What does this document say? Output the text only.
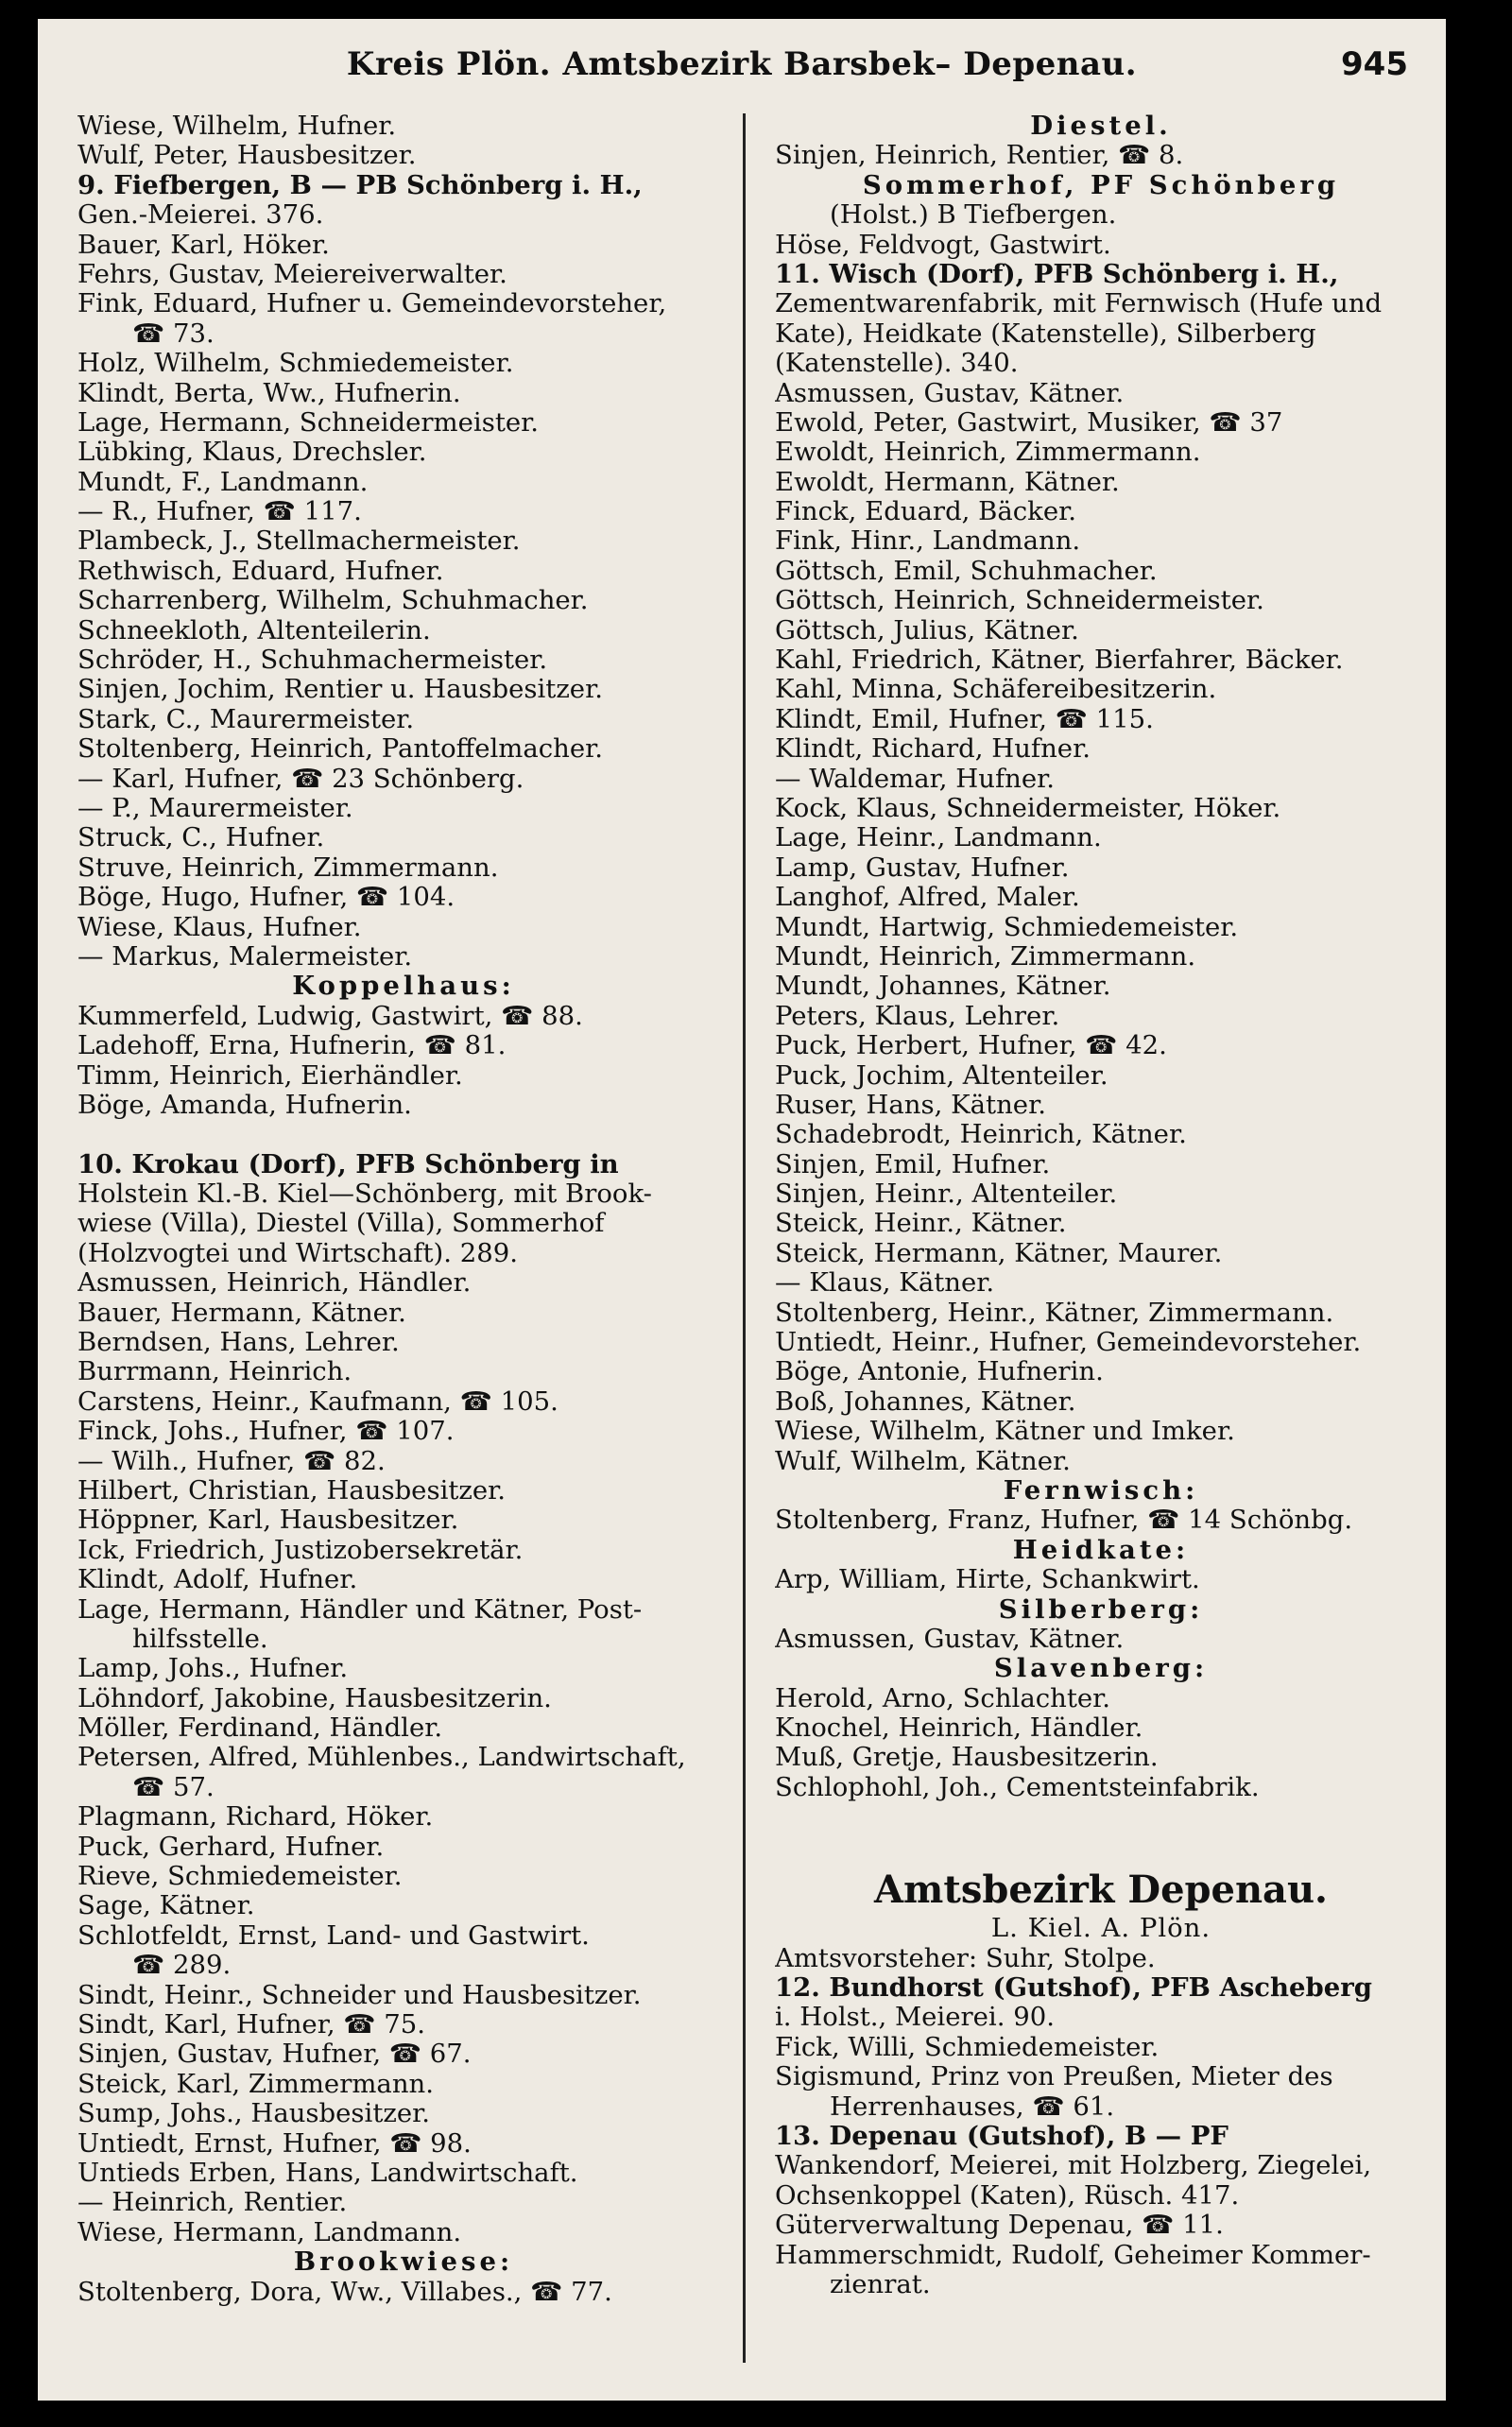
Kreis Plön. Amtsbezirk Barsbek– Depenau.	945
Wiese, Wilhelm, Hufner.
Wulf, Peter, Hausbesitzer.
9. Fiefbergen, B — PB Schönberg i. H.,
Gen.-Meierei. 376.
Bauer, Karl, Höker.
Fehrs, Gustav, Meiereiverwalter.
Fink, Eduard, Hufner u. Gemeindevorsteher,
☎ 73.
Holz, Wilhelm, Schmiedemeister.
Klindt, Berta, Ww., Hufnerin.
Lage, Hermann, Schneidermeister.
Lübking, Klaus, Drechsler.
Mundt, F., Landmann.
— R., Hufner, ☎ 117.
Plambeck, J., Stellmachermeister.
Rethwisch, Eduard, Hufner.
Scharrenberg, Wilhelm, Schuhmacher.
Schneekloth, Altenteilerin.
Schröder, H., Schuhmachermeister.
Sinjen, Jochim, Rentier u. Hausbesitzer.
Stark, C., Maurermeister.
Stoltenberg, Heinrich, Pantoffelmacher.
— Karl, Hufner, ☎ 23 Schönberg.
— P., Maurermeister.
Struck, C., Hufner.
Struve, Heinrich, Zimmermann.
Böge, Hugo, Hufner, ☎ 104.
Wiese, Klaus, Hufner.
— Markus, Malermeister.
Koppelhaus:
Kummerfeld, Ludwig, Gastwirt, ☎ 88.
Ladehoff, Erna, Hufnerin, ☎ 81.
Timm, Heinrich, Eierhändler.
Böge, Amanda, Hufnerin.
10. Krokau (Dorf), PFB Schönberg in
Holstein Kl.-B. Kiel—Schönberg, mit Brook-
wiese (Villa), Diestel (Villa), Sommerhof
(Holzvogtei und Wirtschaft). 289.
Asmussen, Heinrich, Händler.
Bauer, Hermann, Kätner.
Berndsen, Hans, Lehrer.
Burrmann, Heinrich.
Carstens, Heinr., Kaufmann, ☎ 105.
Finck, Johs., Hufner, ☎ 107.
— Wilh., Hufner, ☎ 82.
Hilbert, Christian, Hausbesitzer.
Höppner, Karl, Hausbesitzer.
Ick, Friedrich, Justizobersekretär.
Klindt, Adolf, Hufner.
Lage, Hermann, Händler und Kätner, Post-
hilfsstelle.
Lamp, Johs., Hufner.
Löhndorf, Jakobine, Hausbesitzerin.
Möller, Ferdinand, Händler.
Petersen, Alfred, Mühlenbes., Landwirtschaft,
☎ 57.
Plagmann, Richard, Höker.
Puck, Gerhard, Hufner.
Rieve, Schmiedemeister.
Sage, Kätner.
Schlotfeldt, Ernst, Land- und Gastwirt.
☎ 289.
Sindt, Heinr., Schneider und Hausbesitzer.
Sindt, Karl, Hufner, ☎ 75.
Sinjen, Gustav, Hufner, ☎ 67.
Steick, Karl, Zimmermann.
Sump, Johs., Hausbesitzer.
Untiedt, Ernst, Hufner, ☎ 98.
Untieds Erben, Hans, Landwirtschaft.
— Heinrich, Rentier.
Wiese, Hermann, Landmann.
Brookwiese:
Stoltenberg, Dora, Ww., Villabes., ☎ 77.
Diestel.
Sinjen, Heinrich, Rentier, ☎ 8.
Sommerhof, PF Schönberg
(Holst.) B Tiefbergen.
Höse, Feldvogt, Gastwirt.
11. Wisch (Dorf), PFB Schönberg i. H.,
Zementwarenfabrik, mit Fernwisch (Hufe und
Kate), Heidkate (Katenstelle), Silberberg
(Katenstelle). 340.
Asmussen, Gustav, Kätner.
Ewold, Peter, Gastwirt, Musiker, ☎ 37
Ewoldt, Heinrich, Zimmermann.
Ewoldt, Hermann, Kätner.
Finck, Eduard, Bäcker.
Fink, Hinr., Landmann.
Göttsch, Emil, Schuhmacher.
Göttsch, Heinrich, Schneidermeister.
Göttsch, Julius, Kätner.
Kahl, Friedrich, Kätner, Bierfahrer, Bäcker.
Kahl, Minna, Schäfereibesitzerin.
Klindt, Emil, Hufner, ☎ 115.
Klindt, Richard, Hufner.
— Waldemar, Hufner.
Kock, Klaus, Schneidermeister, Höker.
Lage, Heinr., Landmann.
Lamp, Gustav, Hufner.
Langhof, Alfred, Maler.
Mundt, Hartwig, Schmiedemeister.
Mundt, Heinrich, Zimmermann.
Mundt, Johannes, Kätner.
Peters, Klaus, Lehrer.
Puck, Herbert, Hufner, ☎ 42.
Puck, Jochim, Altenteiler.
Ruser, Hans, Kätner.
Schadebrodt, Heinrich, Kätner.
Sinjen, Emil, Hufner.
Sinjen, Heinr., Altenteiler.
Steick, Heinr., Kätner.
Steick, Hermann, Kätner, Maurer.
— Klaus, Kätner.
Stoltenberg, Heinr., Kätner, Zimmermann.
Untiedt, Heinr., Hufner, Gemeindevorsteher.
Böge, Antonie, Hufnerin.
Boß, Johannes, Kätner.
Wiese, Wilhelm, Kätner und Imker.
Wulf, Wilhelm, Kätner.
Fernwisch:
Stoltenberg, Franz, Hufner, ☎ 14 Schönbg.
Heidkate:
Arp, William, Hirte, Schankwirt.
Silberberg:
Asmussen, Gustav, Kätner.
Slavenberg:
Herold, Arno, Schlachter.
Knochel, Heinrich, Händler.
Muß, Gretje, Hausbesitzerin.
Schlophohl, Joh., Cementsteinfabrik.
Amtsbezirk Depenau.
L. Kiel. A. Plön.
Amtsvorsteher: Suhr, Stolpe.
12. Bundhorst (Gutshof), PFB Ascheberg
i. Holst., Meierei. 90.
Fick, Willi, Schmiedemeister.
Sigismund, Prinz von Preußen, Mieter des
Herrenhauses, ☎ 61.
13. Depenau (Gutshof), B — PF
Wankendorf, Meierei, mit Holzberg, Ziegelei,
Ochsenkoppel (Katen), Rüsch. 417.
Güterverwaltung Depenau, ☎ 11.
Hammerschmidt, Rudolf, Geheimer Kommer-
zienrat.
